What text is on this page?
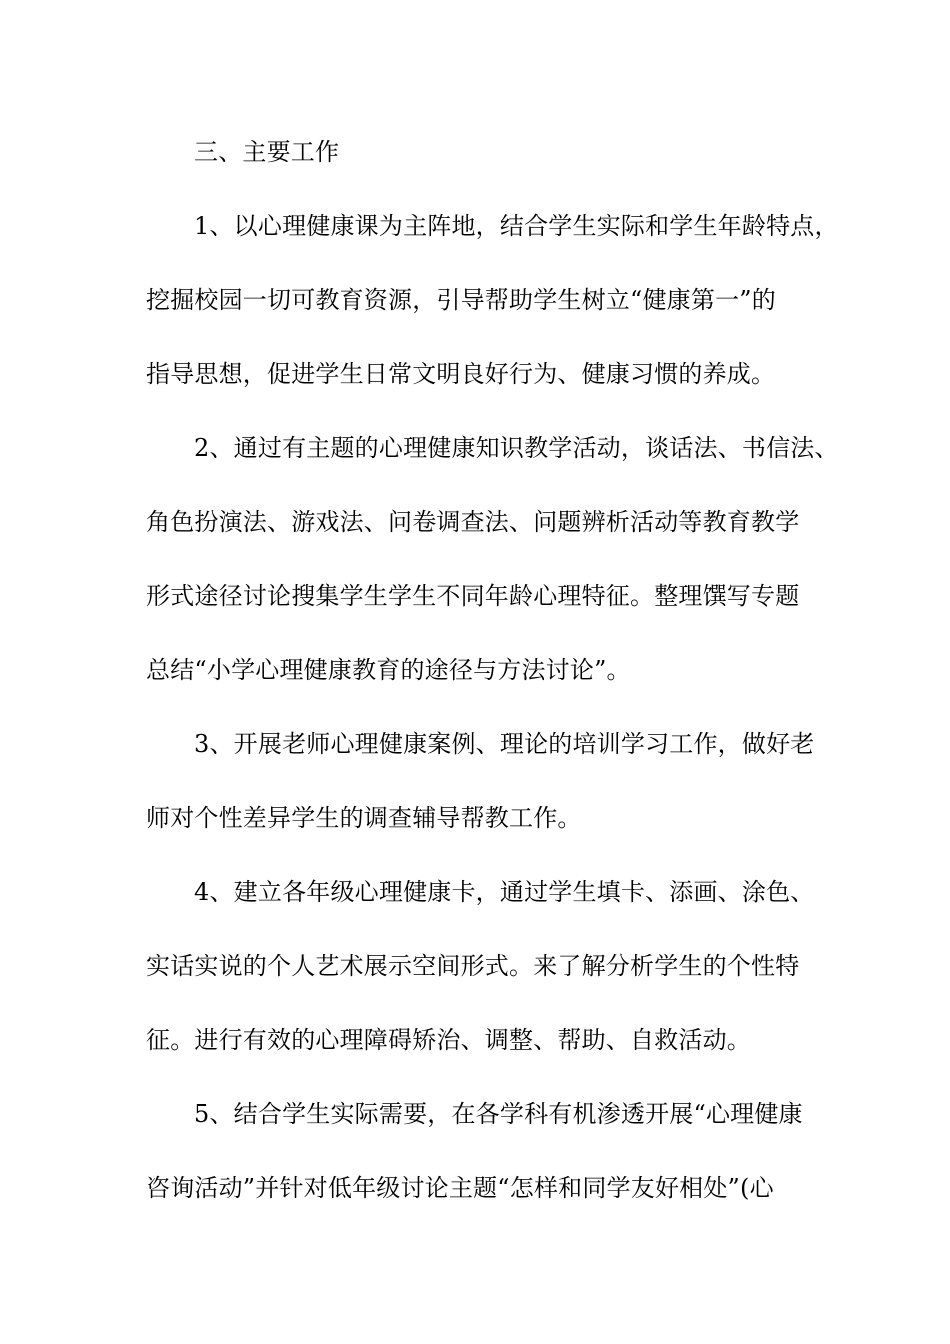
三、主要工作
1、以心理健康课为主阵地，结合学生实际和学生年龄特点，
挖掘校园一切可教育资源，引导帮助学生树立“健康第一”的
指导思想，促进学生日常文明良好行为、健康习惯的养成。
2、通过有主题的心理健康知识教学活动，谈话法、书信法、
角色扮演法、游戏法、问卷调查法、问题辨析活动等教育教学
形式途径讨论搜集学生学生不同年龄心理特征。整理馔写专题
总结“小学心理健康教育的途径与方法讨论”。
3、开展老师心理健康案例、理论的培训学习工作，做好老
师对个性差异学生的调查辅导帮教工作。
4、建立各年级心理健康卡，通过学生填卡、添画、涂色、
实话实说的个人艺术展示空间形式。来了解分析学生的个性特
征。进行有效的心理障碍矫治、调整、帮助、自救活动。
5、结合学生实际需要，在各学科有机渗透开展“心理健康
咨询活动”并针对低年级讨论主题“怎样和同学友好相处”(心
